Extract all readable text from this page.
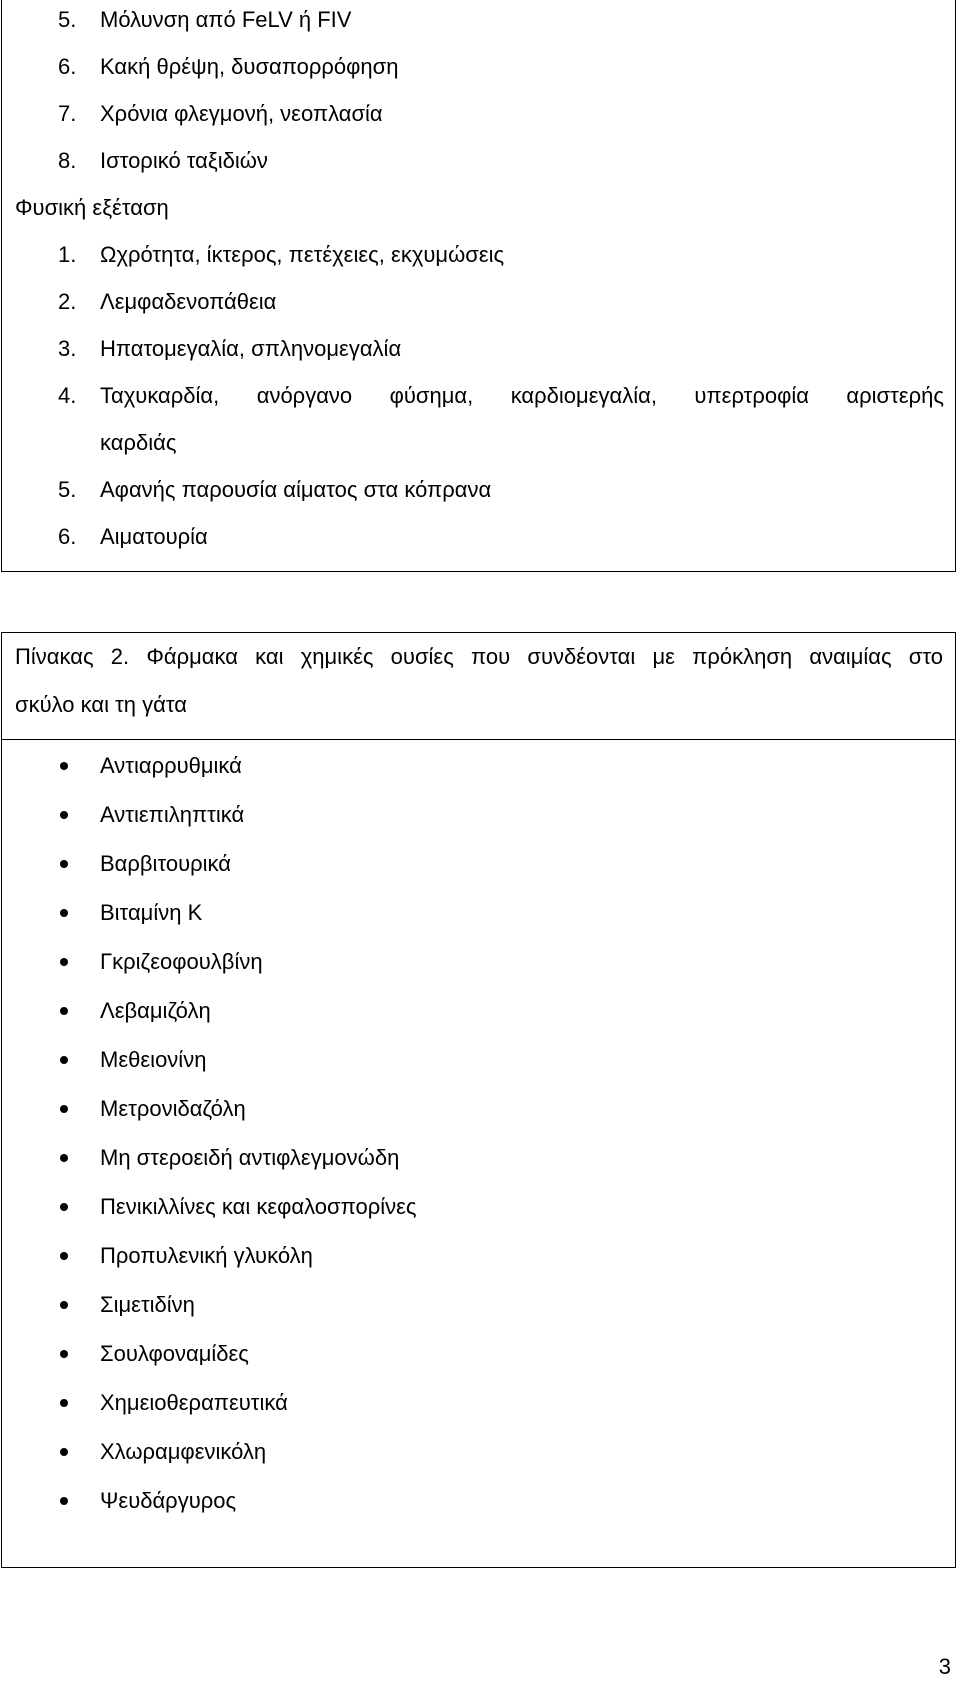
5.	Μόλυνση από FeLV ή FIV
6.	Κακή θρέψη, δυσαπορρόφηση
7.	Χρόνια φλεγμονή, νεοπλασία
8.	Ιστορικό ταξιδιών
Φυσική εξέταση
1.	Ωχρότητα, ίκτερος, πετέχειες, εκχυμώσεις
2.	Λεμφαδενοπάθεια
3.	Ηπατομεγαλία, σπληνομεγαλία
4.	Ταχυκαρδία, ανόργανο φύσημα, καρδιομεγαλία, υπερτροφία αριστερής
καρδιάς
5.	Αφανής παρουσία αίματος στα κόπρανα
6.	Αιματουρία
Πίνακας 2. Φάρμακα και χημικές ουσίες που συνδέονται με πρόκληση αναιμίας στο
σκύλο και τη γάτα
Αντιαρρυθμικά
Αντιεπιληπτικά
Βαρβιτουρικά
Βιταμίνη Κ
Γκριζεοφουλβίνη
Λεβαμιζόλη
Μεθειονίνη
Μετρονιδαζόλη
Μη στεροειδή αντιφλεγμονώδη
Πενικιλλίνες και κεφαλοσπορίνες
Προπυλενική γλυκόλη
Σιμετιδίνη
Σουλφοναμίδες
Χημειοθεραπευτικά
Χλωραμφενικόλη
Ψευδάργυρος
3
